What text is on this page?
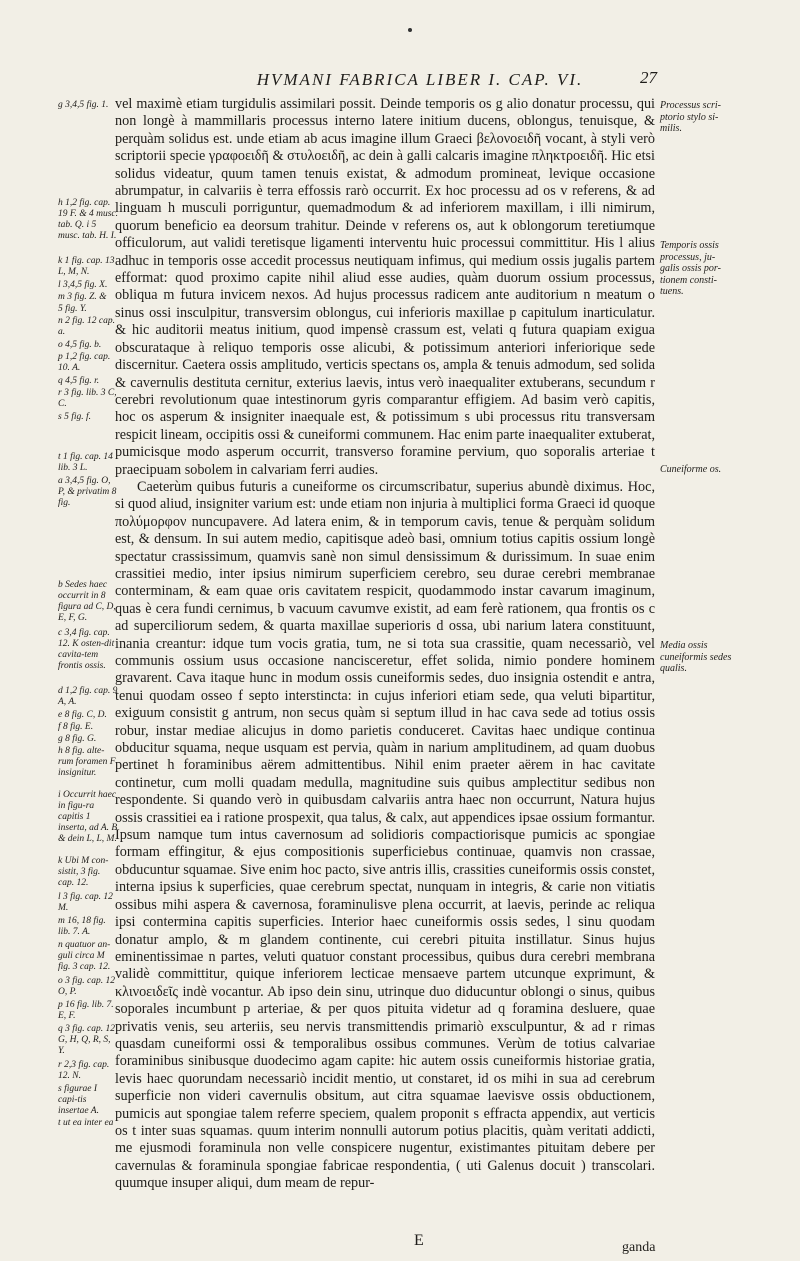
HVMANI FABRICA LIBER I. CAP. VI.	27
g 3,4,5 fig. 1.
h 1,2 fig. cap. 19 F. & 4 musc. tab. Q. i 5 musc. tab. H. I.
k 1 fig. cap. 13 L, M, N.
l 3,4,5 fig. X.
m 3 fig. Z. &
5 fig. Y.
n 2 fig. 12 cap. a.
o 4,5 fig. b.
p 1,2 fig. cap. 10. A.
q 4,5 fig. r.
r 3 fig. lib. 3 C, C.
s 5 fig. f.
t 1 fig. cap. 14 lib. 3 L.
a 3,4,5 fig. O, P, & privatim 8 fig.
b Sedes haec occurrit in 8 figura ad C, D, E, F, G.
c 3,4 fig. cap. 12. K osten-dit cavita-tem frontis ossis.
d 1,2 fig. cap. 9 A, A.
e 8 fig. C, D.
f 8 fig. E.
g 8 fig. G.
h 8 fig. alte-rum foramen F insignitur.
i Occurrit haec in figu-ra capitis 1 inserta, ad A. B & dein L, L, M.
k Ubi M con-sistit, 3 fig. cap. 12.
l 3 fig. cap. 12 M.
m 16, 18 fig. lib. 7. A.
n quatuor an-guli circa M fig. 3 cap. 12.
o 3 fig. cap. 12 O, P.
p 16 fig. lib. 7. E, F.
q 3 fig. cap. 12 G, H, Q, R, S, Y.
r 2,3 fig. cap. 12. N.
s figurae I capi-tis insertae A.
t ut ea inter ea

vel maximè etiam turgidulis assimilari possit. Deinde temporis os g alio donatur processu, qui non longè à mammillaris processus interno latere initium ducens, oblongus, tenuisque, & perquàm solidus est. unde etiam ab acus imagine illum Graeci βελονοειδῆ vocant, à styli verò scriptorii specie γραφοειδῆ & στυλοειδῆ, ac dein à galli calcaris imagine πληκτροειδῆ. Hic etsi solidus videatur, quum tamen tenuis existat, & admodum promineat, levique occasione abrumpatur, in calvariis è terra effossis rarò occurrit. Ex hoc processu ad os v referens, & ad linguam h musculi porriguntur, quemadmodum & ad inferiorem maxillam, i illi nimirum, quorum beneficio ea deorsum trahitur. Deinde v referens os, aut k oblongorum teretiumque officulorum, aut validi teretisque ligamenti interventu huic processui committitur. His l alius adhuc in temporis osse accedit processus neutiquam infimus, qui medium ossis jugalis partem efformat: quod proximo capite nihil aliud esse audies, quàm duorum ossium processus, obliqua m futura invicem nexos. Ad hujus processus radicem ante auditorium n meatum o sinus ossi insculpitur, transversim oblongus, cui inferioris maxillae p capitulum inarticulatur. & hic auditorii meatus initium, quod impensè crassum est, velati q futura quapiam exigua obscurataque à reliquo temporis osse alicubi, & potissimum anteriori inferiorique sede discernitur. Caetera ossis amplitudo, verticis spectans os, ampla & tenuis admodum, sed solida & cavernulis destituta cernitur, exterius laevis, intus verò inaequaliter extuberans, secundum r cerebri revolutionum quae intestinorum gyris comparantur effigiem. Ad basim verò capitis, hoc os asperum & insigniter inaequale est, & potissimum s ubi processus ritu transversam respicit lineam, occipitis ossi & cuneiformi communem. Hac enim parte inaequaliter extuberat, pumicisque modo asperum occurrit, transverso foramine pervium, quo soporalis arteriae t praecipuam sobolem in calvariam ferri audies.

Caeterùm quibus futuris a cuneiforme os circumscribatur, superius abundè diximus. Hoc, si quod aliud, insigniter varium est: unde etiam non injuria à multiplici forma Graeci id quoque πολύμορφον nuncupavere. Ad latera enim, & in temporum cavis, tenue & perquàm solidum est, & densum. In sui autem medio, capitisque adeò basi, omnium totius capitis ossium longè spectatur crassissimum, quamvis sanè non simul densissimum & durissimum. In suae enim crassitiei medio, inter ipsius nimirum superficiem cerebro, seu durae cerebri membranae conterminam, & eam quae oris cavitatem respicit, quodammodo instar cavarum imaginum, quas è cera fundi cernimus, b vacuum cavumve existit, ad eam ferè rationem, qua frontis os c ad superciliorum sedem, & quarta maxillae superioris d ossa, ubi narium latera constituunt, inania creantur: idque tum vocis gratia, tum, ne si tota sua crassitie, quam necessariò, vel communis ossium usus occasione nancisceretur, effet solida, nimio pondere hominem gravarent. Cava itaque hunc in modum ossis cuneiformis sedes, duo insignia ostendit e antra, tenui quodam osseo f septo interstincta: in cujus inferiori etiam sede, qua veluti bipartitur, exiguum consistit g antrum, non secus quàm si septum illud in hac cava sede ad totius ossis robur, instar mediae alicujus in domo parietis conduceret. Cavitas haec undique continua obducitur squama, neque usquam est pervia, quàm in narium amplitudinem, ad quam duobus pertinet h foraminibus aërem admittentibus. Nihil enim praeter aërem in hac cavitate continetur, cum molli quadam medulla, magnitudine suis quibus amplectitur sedibus non respondente. Si quando verò in quibusdam calvariis antra haec non occurrunt, Natura hujus ossis crassitiei ea i ratione prospexit, qua talus, & calx, aut appendices ipsae ossium formantur. Ipsum namque tum intus cavernosum ad solidioris compactiorisque pumicis ac spongiae formam effingitur, & ejus compositionis superficiebus continuae, quamvis non crassae, obducuntur squamae. Sive enim hoc pacto, sive antris illis, crassities cuneiformis ossis constet, interna ipsius k superficies, quae cerebrum spectat, nunquam in integris, & carie non vitiatis ossibus mihi aspera & cavernosa, foraminulisve plena occurrit, at laevis, perinde ac reliqua ipsi contermina capitis superficies. Interior haec cuneiformis ossis sedes, l sinu quodam donatur amplo, & m glandem continente, cui cerebri pituita instillatur. Sinus hujus eminentissimae n partes, veluti quatuor constant processibus, quibus dura cerebri membrana validè committitur, quique inferiorem lecticae mensaeve partem utcunque exprimunt, & κλινοειδεῖς indè vocantur. Ab ipso dein sinu, utrinque duo diducuntur oblongi o sinus, quibus soporales incumbunt p arteriae, & per quos pituita videtur ad q foramina desluere, quae privatis venis, seu arteriis, seu nervis transmittendis primariò exsculpuntur, & ad r rimas quasdam cuneiformi ossi & temporalibus ossibus communes. Verùm de totius calvariae foraminibus sinibusque duodecimo agam capite: hic autem ossis cuneiformis historiae gratia, levis haec quorundam necessariò incidit mentio, ut constaret, id os mihi in sua ad cerebrum superficie non videri cavernulis obsitum, aut citra squamae laevisve ossis obductionem, pumicis aut spongiae talem referre speciem, qualem proponit s effracta appendix, aut verticis os t inter suas squamas. quum interim nonnulli autorum potius placitis, quàm veritati addicti, me ejusmodi foraminula non velle conspicere nugentur, existimantes pituitam debere per cavernulas & foraminula spongiae fabricae respondentia, ( uti Galenus docuit ) transcolari. quumque insuper aliqui, dum meam de repur-

Processus scri-ptorio stylo si-milis.
Temporis ossis processus, ju-galis ossis por-tionem consti-tuens.
Cuneiforme os.
Media ossis cuneiformis sedes qualis.
E	ganda
